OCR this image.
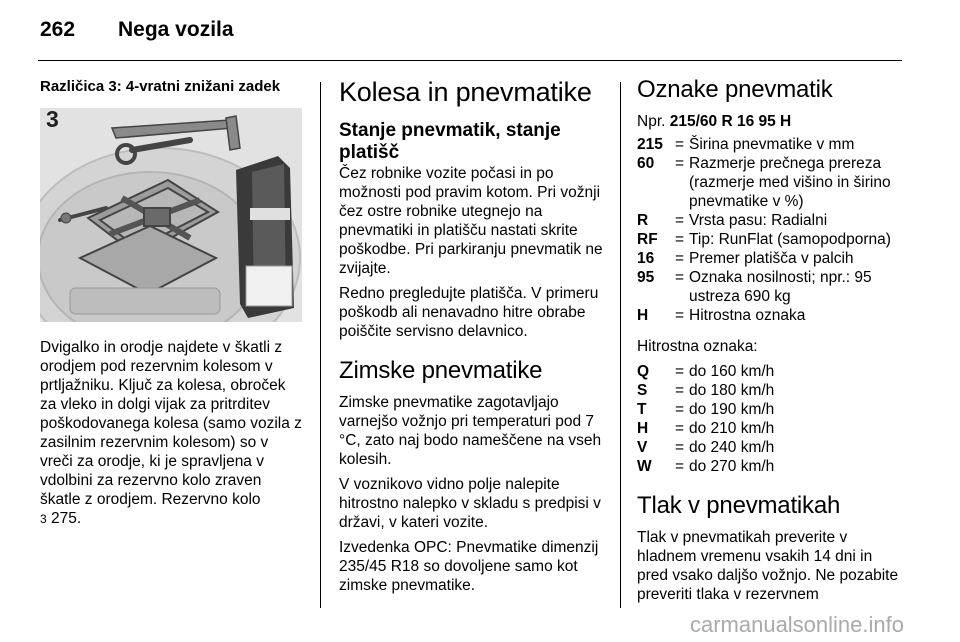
262 Nega vozila
Različica 3: 4-vratni znižani zadek
3

Dvigalko in orodje najdete v škatli z orodjem pod rezervnim kolesom v prtljažniku. Ključ za kolesa, obroček za vleko in dolgi vijak za pritrditev poškodovanega kolesa (samo vozila z zasilnim rezervnim kolesom) so v vreči za orodje, ki je spravljena v vdolbini za rezervno kolo zraven škatle z orodjem. Rezervno kolo
3 275.

Kolesa in pnevmatike
Stanje pnevmatik, stanje platišč

Čez robnike vozite počasi in po možnosti pod pravim kotom. Pri vožnji čez ostre robnike utegnejo na pnevmatiki in platišču nastati skrite poškodbe. Pri parkiranju pnevmatik ne zvijajte.

Redno pregledujte platišča. V primeru poškodb ali nenavadno hitre obrabe poiščite servisno delavnico.

Zimske pnevmatike

Zimske pnevmatike zagotavljajo varnejšo vožnjo pri temperaturi pod 7 °C, zato naj bodo nameščene na vseh kolesih.

V voznikovo vidno polje nalepite hitrostno nalepko v skladu s predpisi v državi, v kateri vozite.

Izvedenka OPC: Pnevmatike dimenzij 235/45 R18 so dovoljene samo kot zimske pnevmatike.

Oznake pnevmatik
Npr. 215/60 R 16 95 H
215	=	Širina pnevmatike v mm
60	=	Razmerje prečnega prereza (razmerje med višino in širino pnevmatike v %)
R	=	Vrsta pasu: Radialni
RF	=	Tip: RunFlat (samopodporna)
16	=	Premer platišča v palcih
95	=	Oznaka nosilnosti; npr.: 95 ustreza 690 kg
H	=	Hitrostna oznaka

Hitrostna oznaka:

Q	=	do 160 km/h
S	=	do 180 km/h
T	=	do 190 km/h
H	=	do 210 km/h
V	=	do 240 km/h
W	=	do 270 km/h
Tlak v pnevmatikah

Tlak v pnevmatikah preverite v hladnem vremenu vsakih 14 dni in pred vsako daljšo vožnjo. Ne pozabite preveriti tlaka v rezervnem

carmanualsonline.info
